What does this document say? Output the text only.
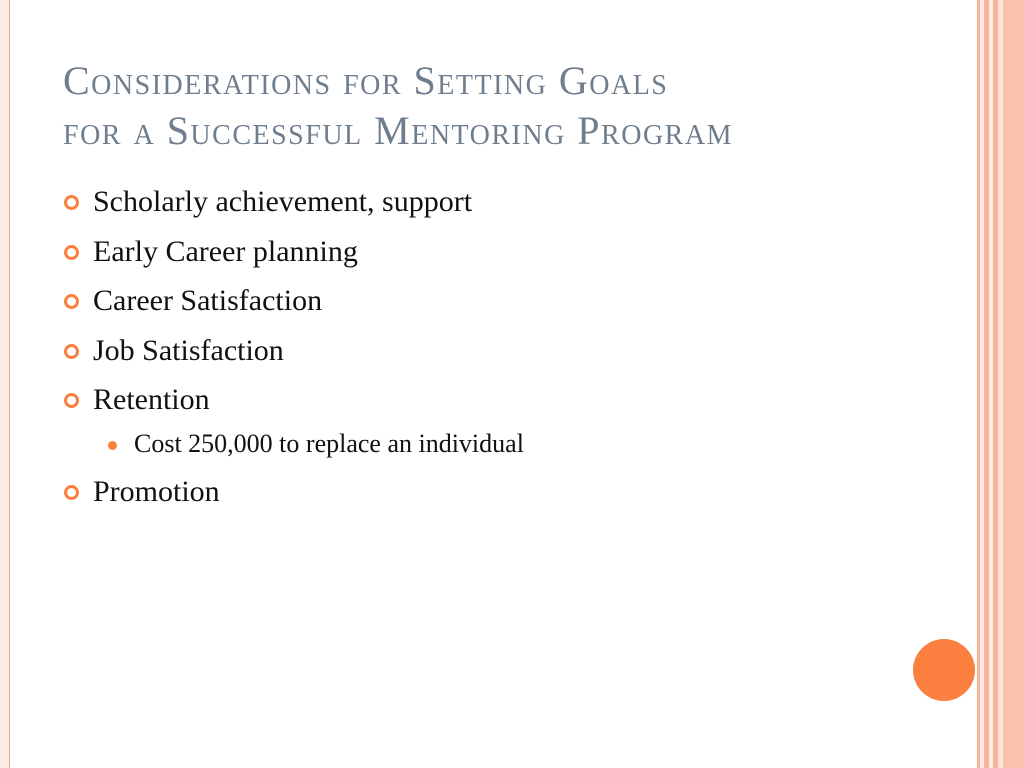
Considerations for Setting Goals
for a Successful Mentoring Program
Scholarly achievement, support
Early Career planning
Career Satisfaction
Job Satisfaction
Retention
Cost 250,000 to replace an individual
Promotion
